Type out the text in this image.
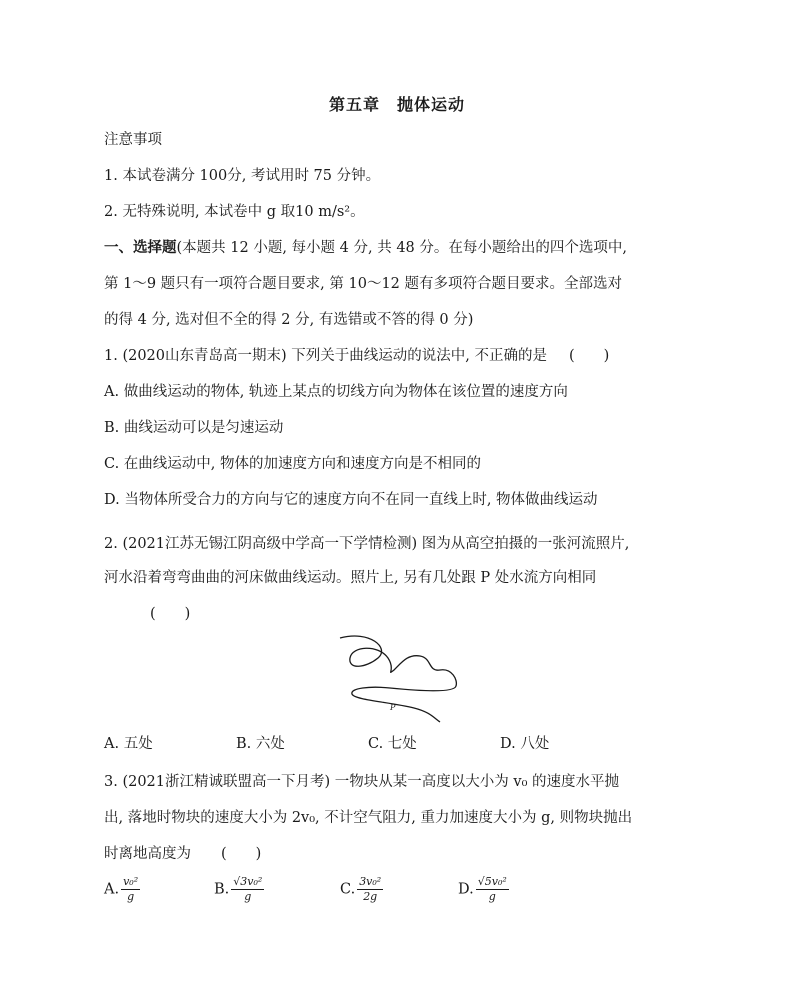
第五章　抛体运动
注意事项
1. 本试卷满分 100分, 考试用时 75 分钟。
2. 无特殊说明, 本试卷中 g 取10 m/s²。
一、选择题(本题共 12 小题, 每小题 4 分, 共 48 分。在每小题给出的四个选项中,
第 1～9 题只有一项符合题目要求, 第 10～12 题有多项符合题目要求。全部选对
的得 4 分, 选对但不全的得 2 分, 有选错或不答的得 0 分)
1. (2020山东青岛高一期末) 下列关于曲线运动的说法中, 不正确的是 (　　)
A. 做曲线运动的物体, 轨迹上某点的切线方向为物体在该位置的速度方向
B. 曲线运动可以是匀速运动
C. 在曲线运动中, 物体的加速度方向和速度方向是不相同的
D. 当物体所受合力的方向与它的速度方向不在同一直线上时, 物体做曲线运动
2. (2021江苏无锡江阴高级中学高一下学情检测) 图为从高空拍摄的一张河流照片,
河水沿着弯弯曲曲的河床做曲线运动。照片上, 另有几处跟 P 处水流方向相同
(　　)
P
A. 五处	B. 六处	C. 七处	D. 八处
3. (2021浙江精诚联盟高一下月考) 一物块从某一高度以大小为 v₀ 的速度水平抛
出, 落地时物块的速度大小为 2v₀, 不计空气阻力, 重力加速度大小为 g, 则物块抛出
时离地高度为 (　　)
A. $\frac{\text{v₀²}}{g}$	B. $\frac{\text{√3v₀²}}{g}$	C. $\frac{\text{3v₀²}}{2g}$	D. $\frac{\text{√5v₀²}}{g}$
